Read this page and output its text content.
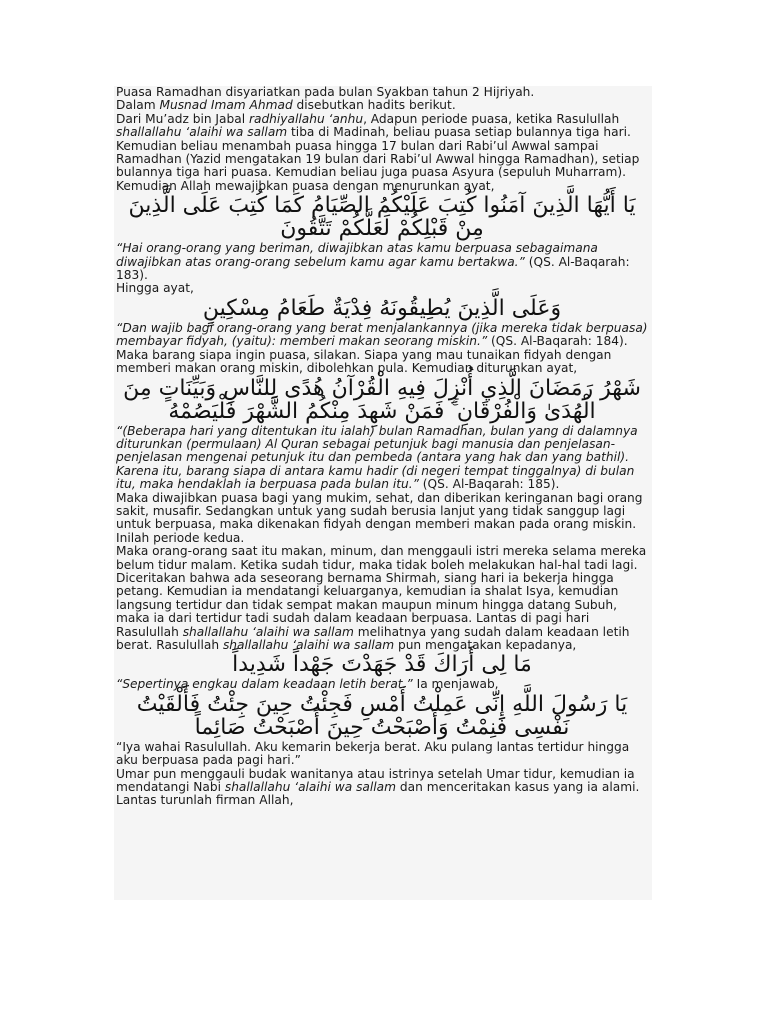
Puasa Ramadhan disyariatkan pada bulan Syakban tahun 2 Hijriyah.

Dalam Musnad Imam Ahmad disebutkan hadits berikut.

Dari Mu’adz bin Jabal radhiyallahu ‘anhu, Adapun periode puasa, ketika Rasulullah shallallahu ‘alaihi wa sallam tiba di Madinah, beliau puasa setiap bulannya tiga hari. Kemudian beliau menambah puasa hingga 17 bulan dari Rabi’ul Awwal sampai Ramadhan (Yazid mengatakan 19 bulan dari Rabi’ul Awwal hingga Ramadhan), setiap bulannya tiga hari puasa. Kemudian beliau juga puasa Asyura (sepuluh Muharram). Kemudian Allah mewajibkan puasa dengan menurunkan ayat,

يَا أَيُّهَا الَّذِينَ آمَنُوا كُتِبَ عَلَيْكُمُ الصِّيَامُ كَمَا كُتِبَ عَلَى الَّذِينَ مِنْ قَبْلِكُمْ لَعَلَّكُمْ تَتَّقُونَ

“Hai orang-orang yang beriman, diwajibkan atas kamu berpuasa sebagaimana diwajibkan atas orang-orang sebelum kamu agar kamu bertakwa.” (QS. Al-Baqarah: 183).

Hingga ayat,

وَعَلَى الَّذِينَ يُطِيقُونَهُ فِدْيَةٌ طَعَامُ مِسْكِينٍ

“Dan wajib bagi orang-orang yang berat menjalankannya (jika mereka tidak berpuasa) membayar fidyah, (yaitu): memberi makan seorang miskin.” (QS. Al-Baqarah: 184).

Maka barang siapa ingin puasa, silakan. Siapa yang mau tunaikan fidyah dengan memberi makan orang miskin, dibolehkan pula. Kemudian diturunkan ayat,

شَهْرُ رَمَضَانَ الَّذِي أُنْزِلَ فِيهِ الْقُرْآنُ هُدًى لِلنَّاسِ وَبَيِّنَاتٍ مِنَ الْهُدَىٰ وَالْفُرْقَانِ ۚ فَمَنْ شَهِدَ مِنْكُمُ الشَّهْرَ فَلْيَصُمْهُ

“(Beberapa hari yang ditentukan itu ialah) bulan Ramadhan, bulan yang di dalamnya diturunkan (permulaan) Al Quran sebagai petunjuk bagi manusia dan penjelasan-penjelasan mengenai petunjuk itu dan pembeda (antara yang hak dan yang bathil). Karena itu, barang siapa di antara kamu hadir (di negeri tempat tinggalnya) di bulan itu, maka hendaklah ia berpuasa pada bulan itu.” (QS. Al-Baqarah: 185).

Maka diwajibkan puasa bagi yang mukim, sehat, dan diberikan keringanan bagi orang sakit, musafir. Sedangkan untuk yang sudah berusia lanjut yang tidak sanggup lagi untuk berpuasa, maka dikenakan fidyah dengan memberi makan pada orang miskin. Inilah periode kedua.

Maka orang-orang saat itu makan, minum, dan menggauli istri mereka selama mereka belum tidur malam. Ketika sudah tidur, maka tidak boleh melakukan hal-hal tadi lagi.

Diceritakan bahwa ada seseorang bernama Shirmah, siang hari ia bekerja hingga petang. Kemudian ia mendatangi keluarganya, kemudian ia shalat Isya, kemudian langsung tertidur dan tidak sempat makan maupun minum hingga datang Subuh, maka ia dari tertidur tadi sudah dalam keadaan berpuasa. Lantas di pagi hari Rasulullah shallallahu ‘alaihi wa sallam melihatnya yang sudah dalam keadaan letih berat. Rasulullah shallallahu ‘alaihi wa sallam pun mengatakan kepadanya,

مَا لِى أَرَاكَ قَدْ جَهَدْتَ جَهْداً شَدِيداً

“Sepertinya engkau dalam keadaan letih berat.” Ia menjawab,

يَا رَسُولَ اللَّهِ إِنِّى عَمِلْتُ أَمْسِ فَجِئْتُ حِينَ جِئْتُ فَأَلْقَيْتُ نَفْسِى فَنِمْتُ وَأَصْبَحْتُ حِينَ أَصْبَحْتُ صَائِماً

“Iya wahai Rasulullah. Aku kemarin bekerja berat. Aku pulang lantas tertidur hingga aku berpuasa pada pagi hari.”

Umar pun menggauli budak wanitanya atau istrinya setelah Umar tidur, kemudian ia mendatangi Nabi shallallahu ‘alaihi wa sallam dan menceritakan kasus yang ia alami. Lantas turunlah firman Allah,
